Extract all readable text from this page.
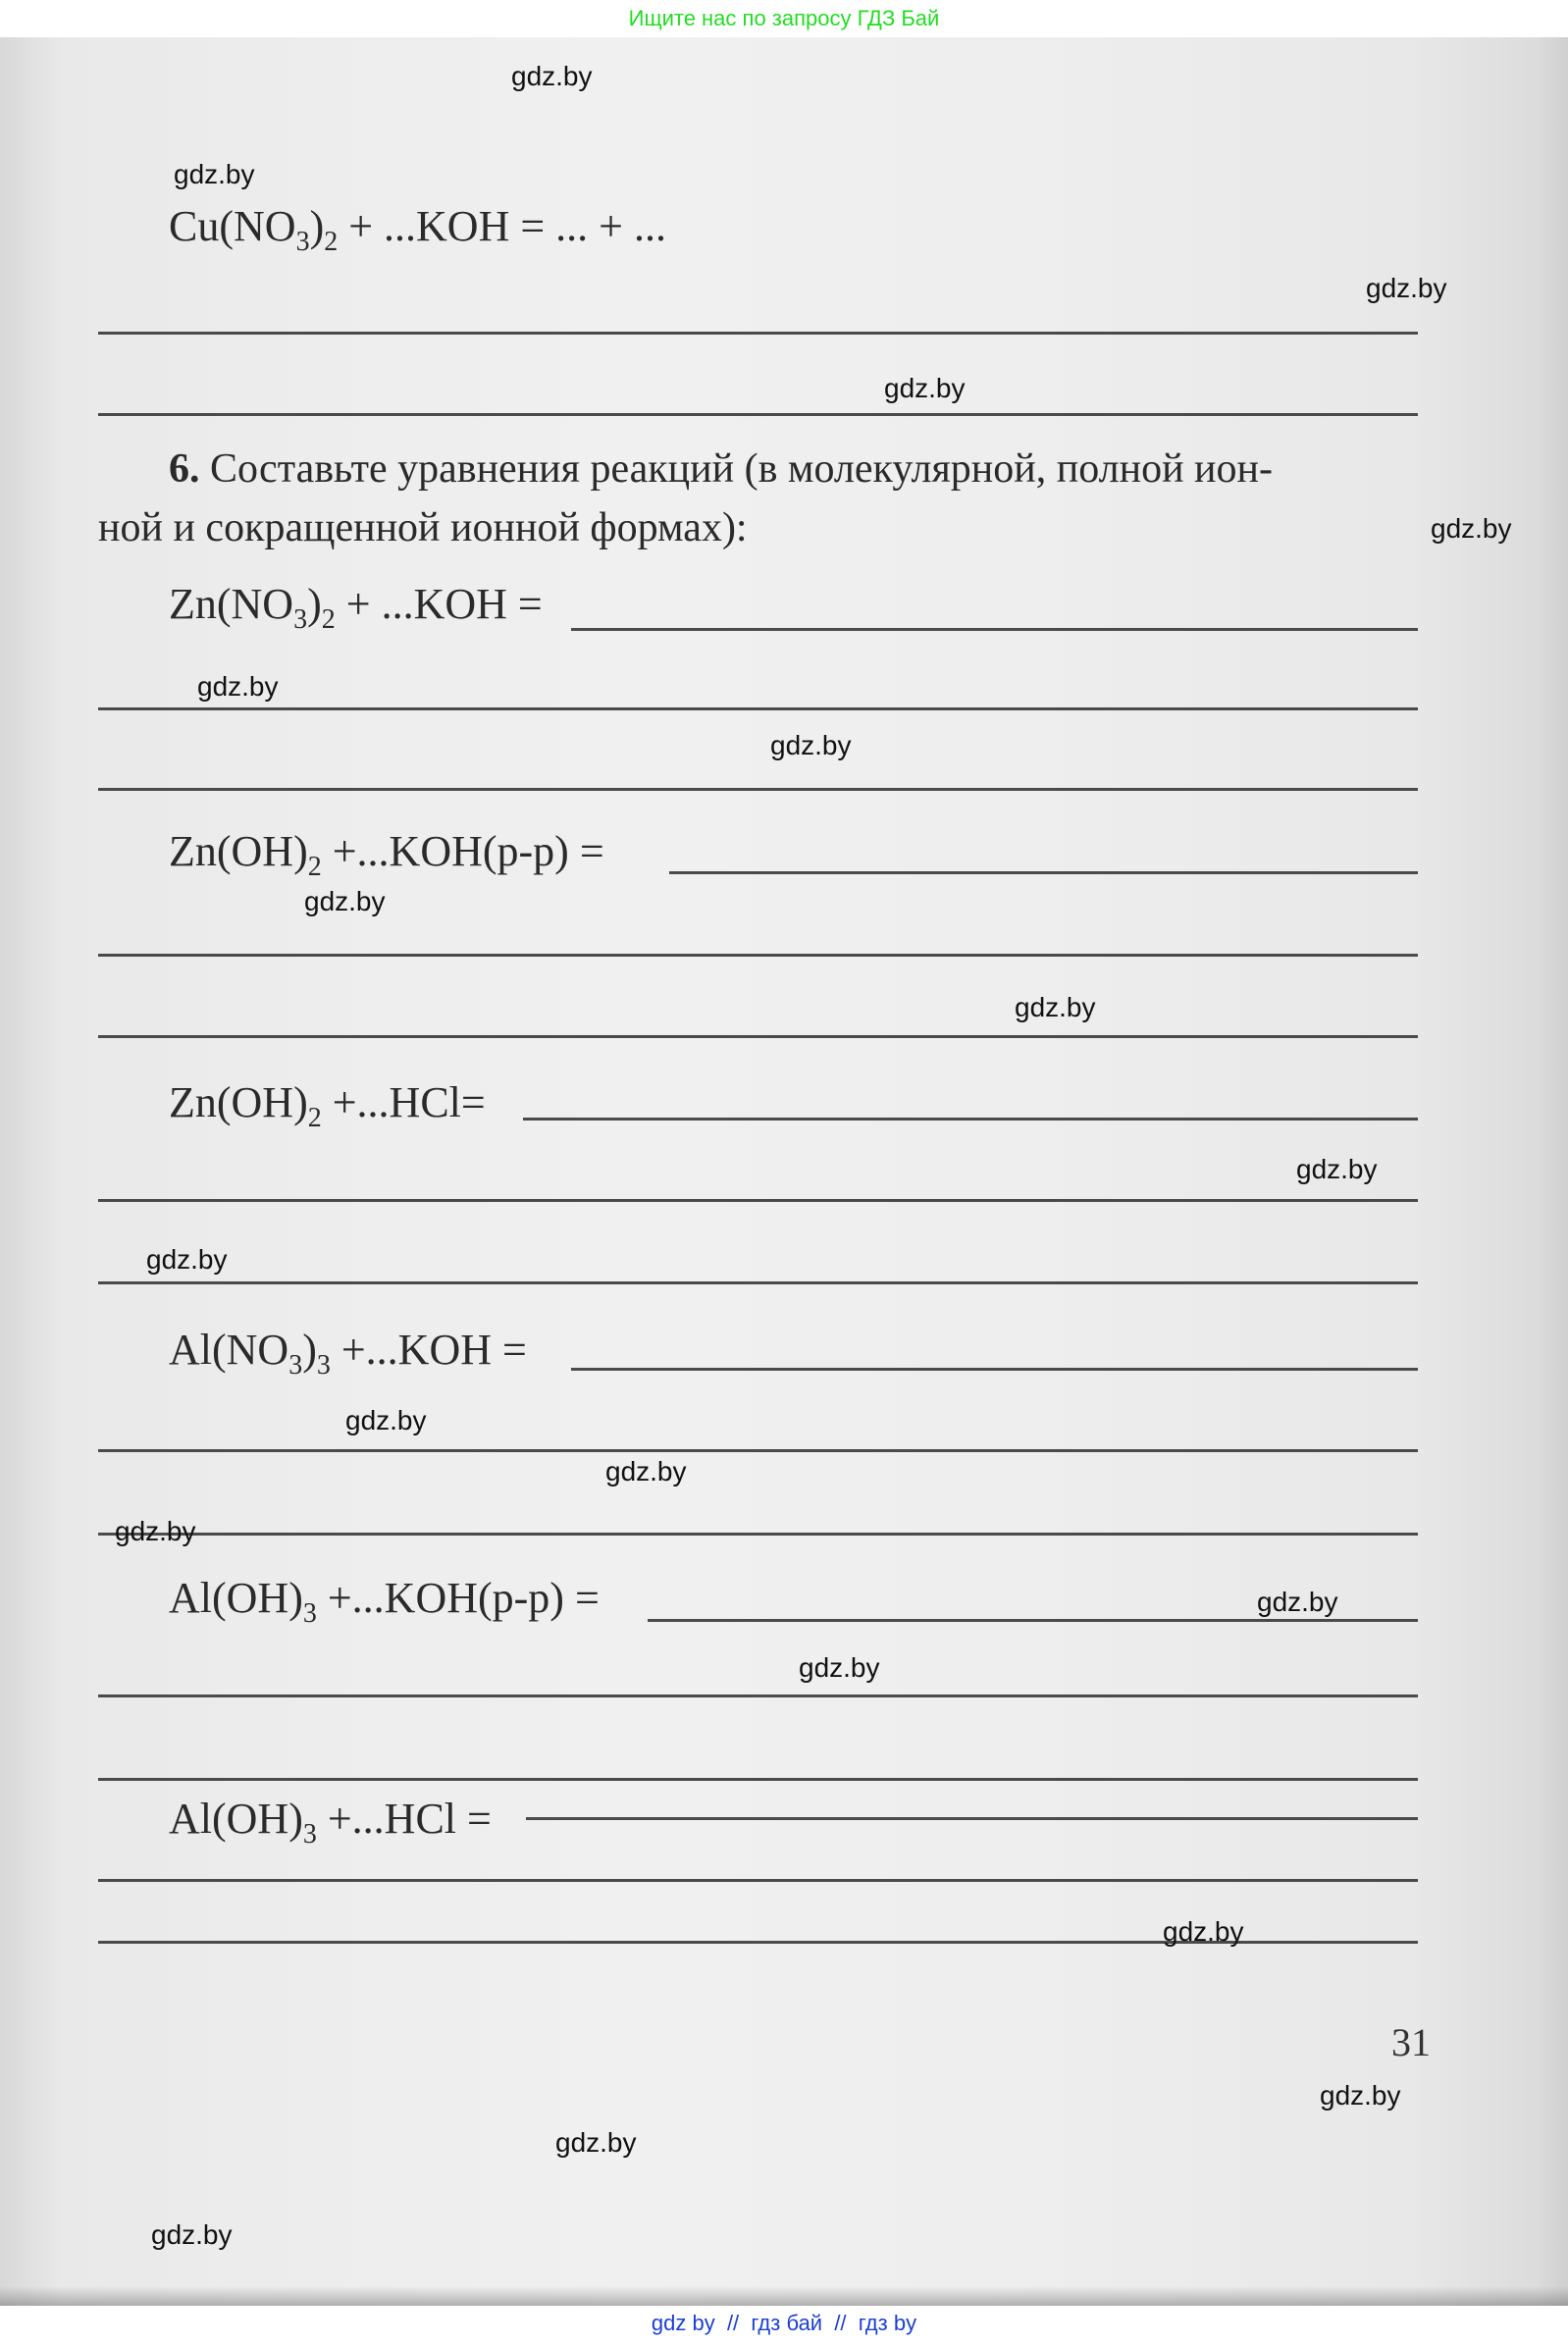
Ищите нас по запросу ГДЗ Бай
$Cu(NO_3)_2 + ...KOH$ = ... + ...
6. Составьте уравнения реакций (в молекулярной, полной ион-
ной и сокращенной ионной формах):
$Zn(NO_3)_2 + ...KOH$ =
$Zn(OH)_2 +...KOH(р-р)$ =
$Zn(OH)_2 +...HCl=$
$Al(NO_3)_3 +...KOH$ =
$Al(OH)_3 +...KOH(р-р)$ =
$Al(OH)_3 +...HCl$ =
31
gdz.by
gdz.by
gdz.by
gdz.by
gdz.by
gdz.by
gdz.by
gdz.by
gdz.by
gdz.by
gdz.by
gdz.by
gdz.by
gdz.by
gdz.by
gdz.by
gdz.by
gdz.by
gdz.by
gdz.by
gdz by  //  гдз бай  //  гдз by
